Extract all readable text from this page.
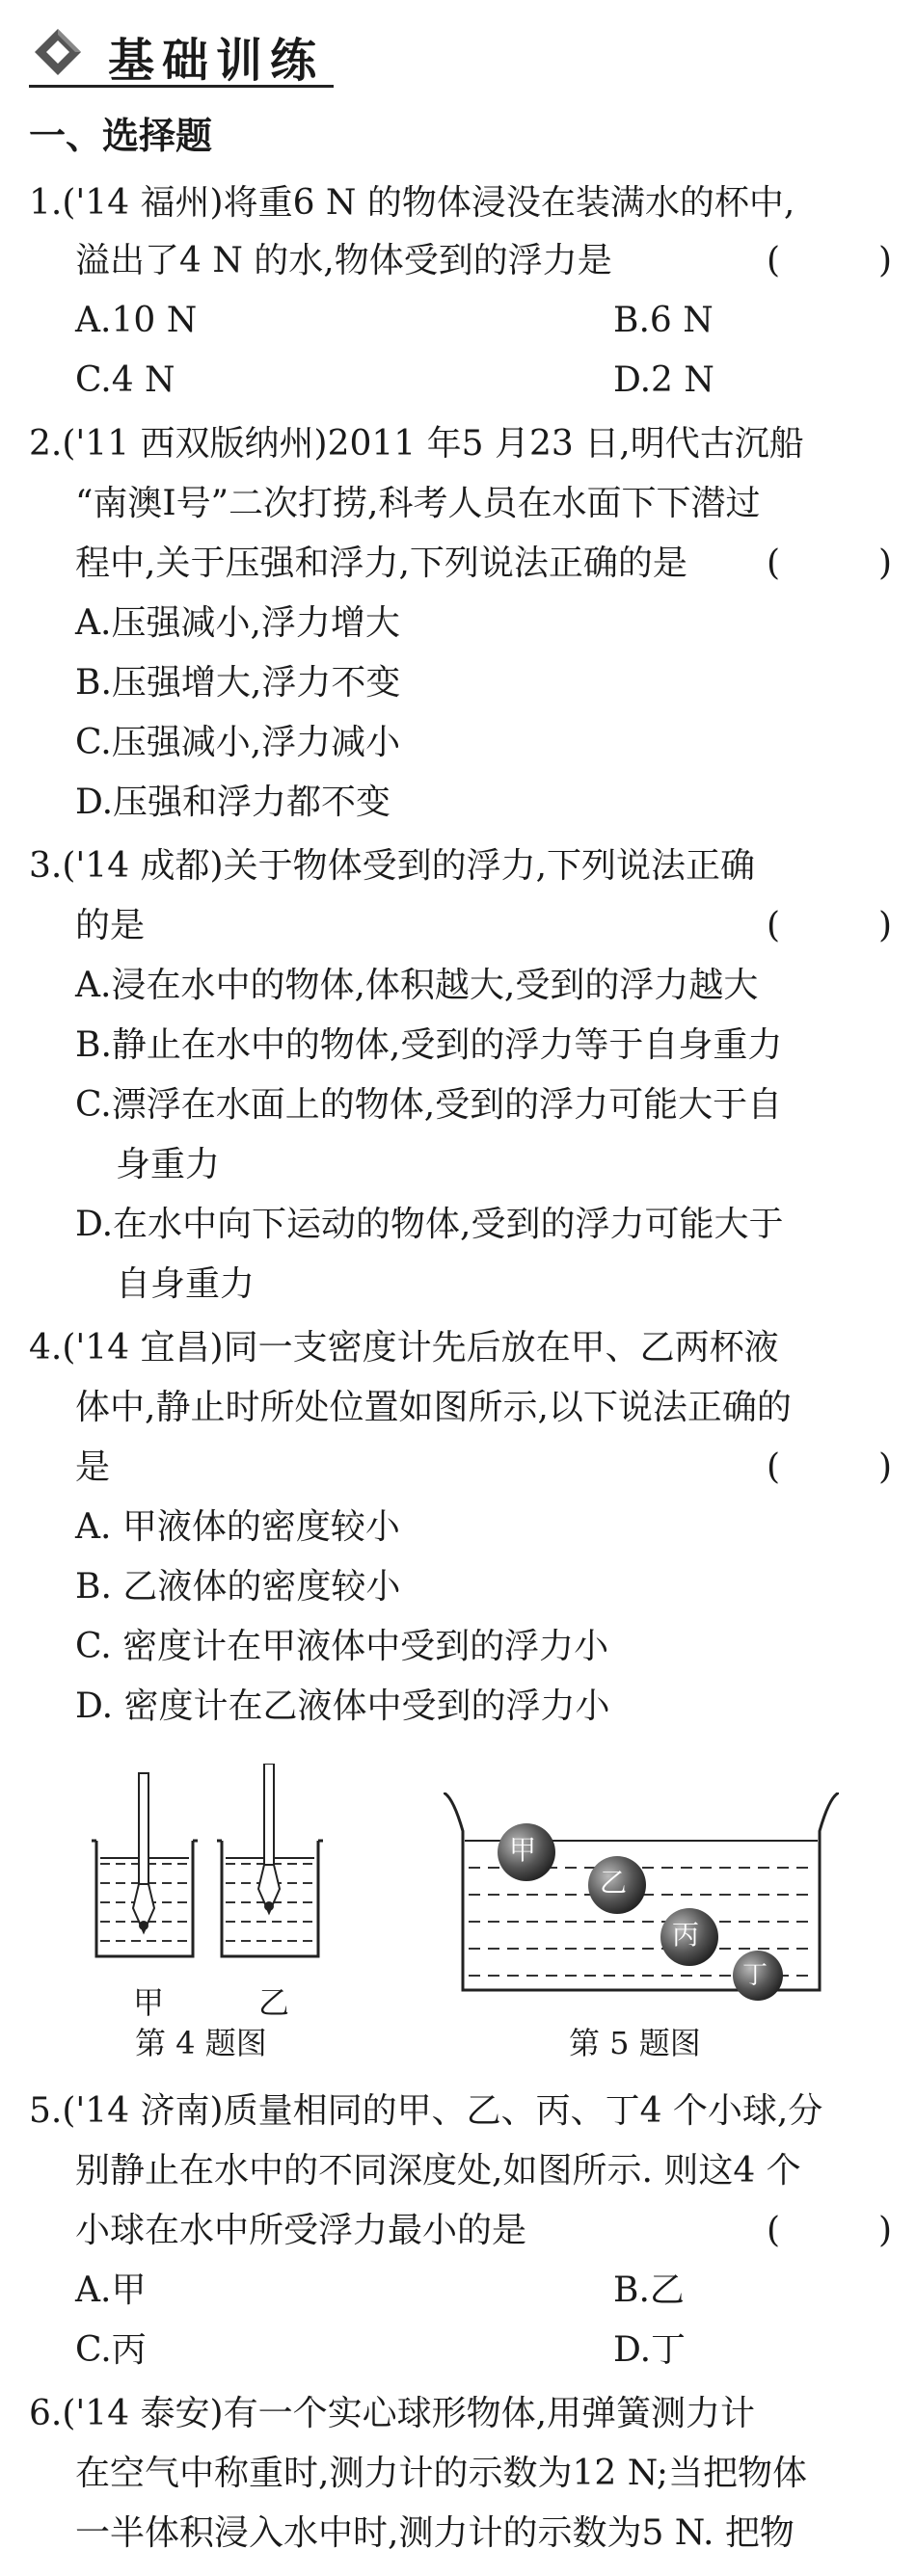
基础训练
一、选择题
1.('14 福州)将重6 N 的物体浸没在装满水的杯中,
溢出了4 N 的水,物体受到的浮力是	(	)
A.10 N	B.6 N
C.4 N	D.2 N
2.('11 西双版纳州)2011 年5 月23 日,明代古沉船
“南澳Ⅰ号”二次打捞,科考人员在水面下下潜过
程中,关于压强和浮力,下列说法正确的是 (	)
A.压强减小,浮力增大
B.压强增大,浮力不变
C.压强减小,浮力减小
D.压强和浮力都不变
3.('14 成都)关于物体受到的浮力,下列说法正确
的是	(	)
A.浸在水中的物体,体积越大,受到的浮力越大
B.静止在水中的物体,受到的浮力等于自身重力
C.漂浮在水面上的物体,受到的浮力可能大于自
身重力
D.在水中向下运动的物体,受到的浮力可能大于
自身重力
4.('14 宜昌)同一支密度计先后放在甲、乙两杯液
体中,静止时所处位置如图所示,以下说法正确的
是	(	)
A. 甲液体的密度较小
B. 乙液体的密度较小
C. 密度计在甲液体中受到的浮力小
D. 密度计在乙液体中受到的浮力小
甲	乙
第 4 题图
甲
乙
丙
丁
第 5 题图
5.('14 济南)质量相同的甲、乙、丙、丁4 个小球,分
别静止在水中的不同深度处,如图所示. 则这4 个
小球在水中所受浮力最小的是	(	)
A.甲	B.乙
C.丙	D.丁
6.('14 泰安)有一个实心球形物体,用弹簧测力计
在空气中称重时,测力计的示数为12 N;当把物体
一半体积浸入水中时,测力计的示数为5 N. 把物
